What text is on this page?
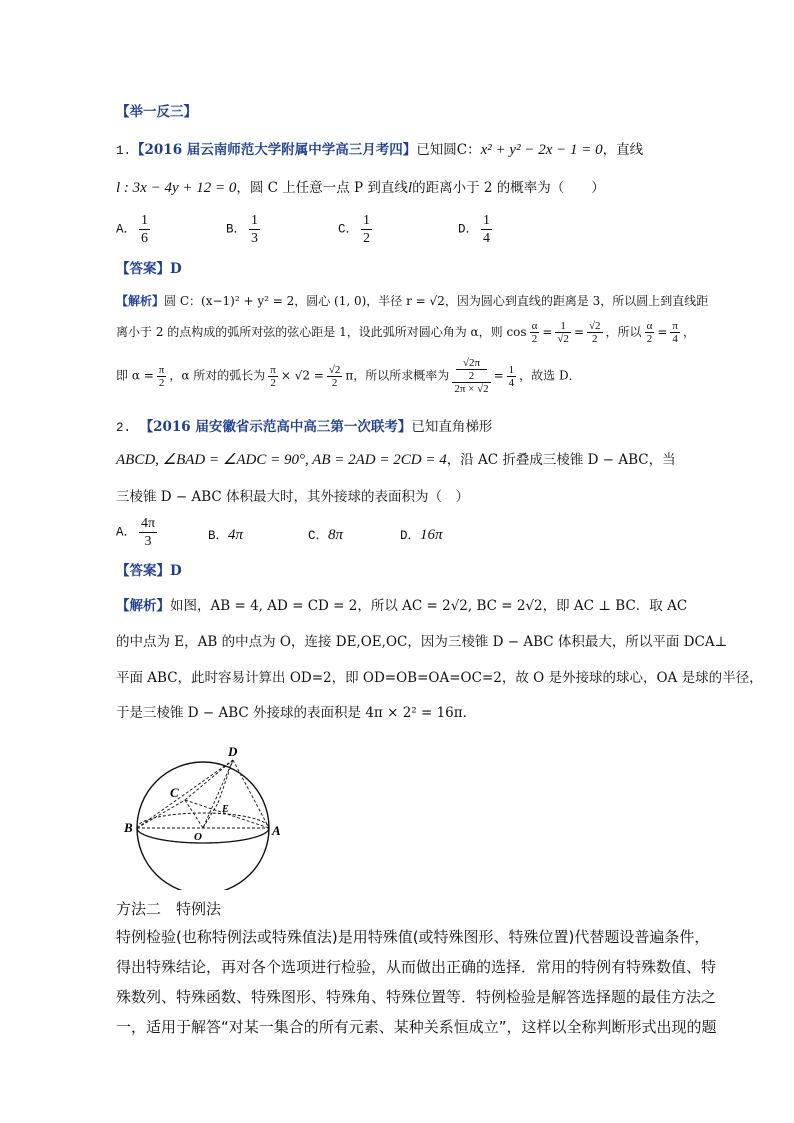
【举一反三】
1.【2016 届云南师范大学附属中学高三月考四】已知圆C：x² + y² − 2x − 1 = 0，直线
l : 3x − 4y + 12 = 0，圆 C 上任意一点 P 到直线l的距离小于 2 的概率为（　　）
A． $\frac{1}{6}$	B． $\frac{1}{3}$	C． $\frac{1}{2}$	D． $\frac{1}{4}$
【答案】D
【解析】圆 C：(x−1)² + y² = 2，圆心 (1, 0)，半径 r = √2，因为圆心到直线的距离是 3，所以圆上到直线距
离小于 2 的点构成的弧所对弦的弦心距是 1，设此弧所对圆心角为 α，则 $\cos \frac{\alpha}{2} = \frac{1}{√2} = \frac{√2}{2}$ ，所以 $\frac{\alpha}{2} = \frac{\pi}{4}$ ，
即 $\alpha = \frac{\pi}{2}$ ，α 所对的弧长为 $\frac{\pi}{2} \times √2 = \frac{√2}{2}$ π，所以所求概率为 √2π
2
$2\pi \times √2 = \frac{1}{4}$ ，故选 D．
2. 【2016 届安徽省示范高中高三第一次联考】已知直角梯形
ABCD, ∠BAD = ∠ADC = 90°, AB = 2AD = 2CD = 4，沿 AC 折叠成三棱锥 D − ABC，当
三棱锥 D − ABC 体积最大时，其外接球的表面积为（　）
A． $\frac{4\pi}{3}$	B．4π	C．8π	D．16π
【答案】D
【解析】如图，AB = 4, AD = CD = 2，所以 AC = 2√2, BC = 2√2，即 AC ⊥ BC．取 AC
的中点为 E，AB 的中点为 O，连接 DE,OE,OC，因为三棱锥 D − ABC 体积最大，所以平面 DCA⊥
平面 ABC，此时容易计算出 OD=2，即 OD=OB=OA=OC=2，故 O 是外接球的球心，OA 是球的半径，
于是三棱锥 D − ABC 外接球的表面积是 4π × 2² = 16π．
D
C
E
O
B	A
方法二　特例法
特例检验(也称特例法或特殊值法)是用特殊值(或特殊图形、特殊位置)代替题设普遍条件，
得出特殊结论，再对各个选项进行检验，从而做出正确的选择．常用的特例有特殊数值、特
殊数列、特殊函数、特殊图形、特殊角、特殊位置等．特例检验是解答选择题的最佳方法之
一，适用于解答“对某一集合的所有元素、某种关系恒成立”，这样以全称判断形式出现的题
